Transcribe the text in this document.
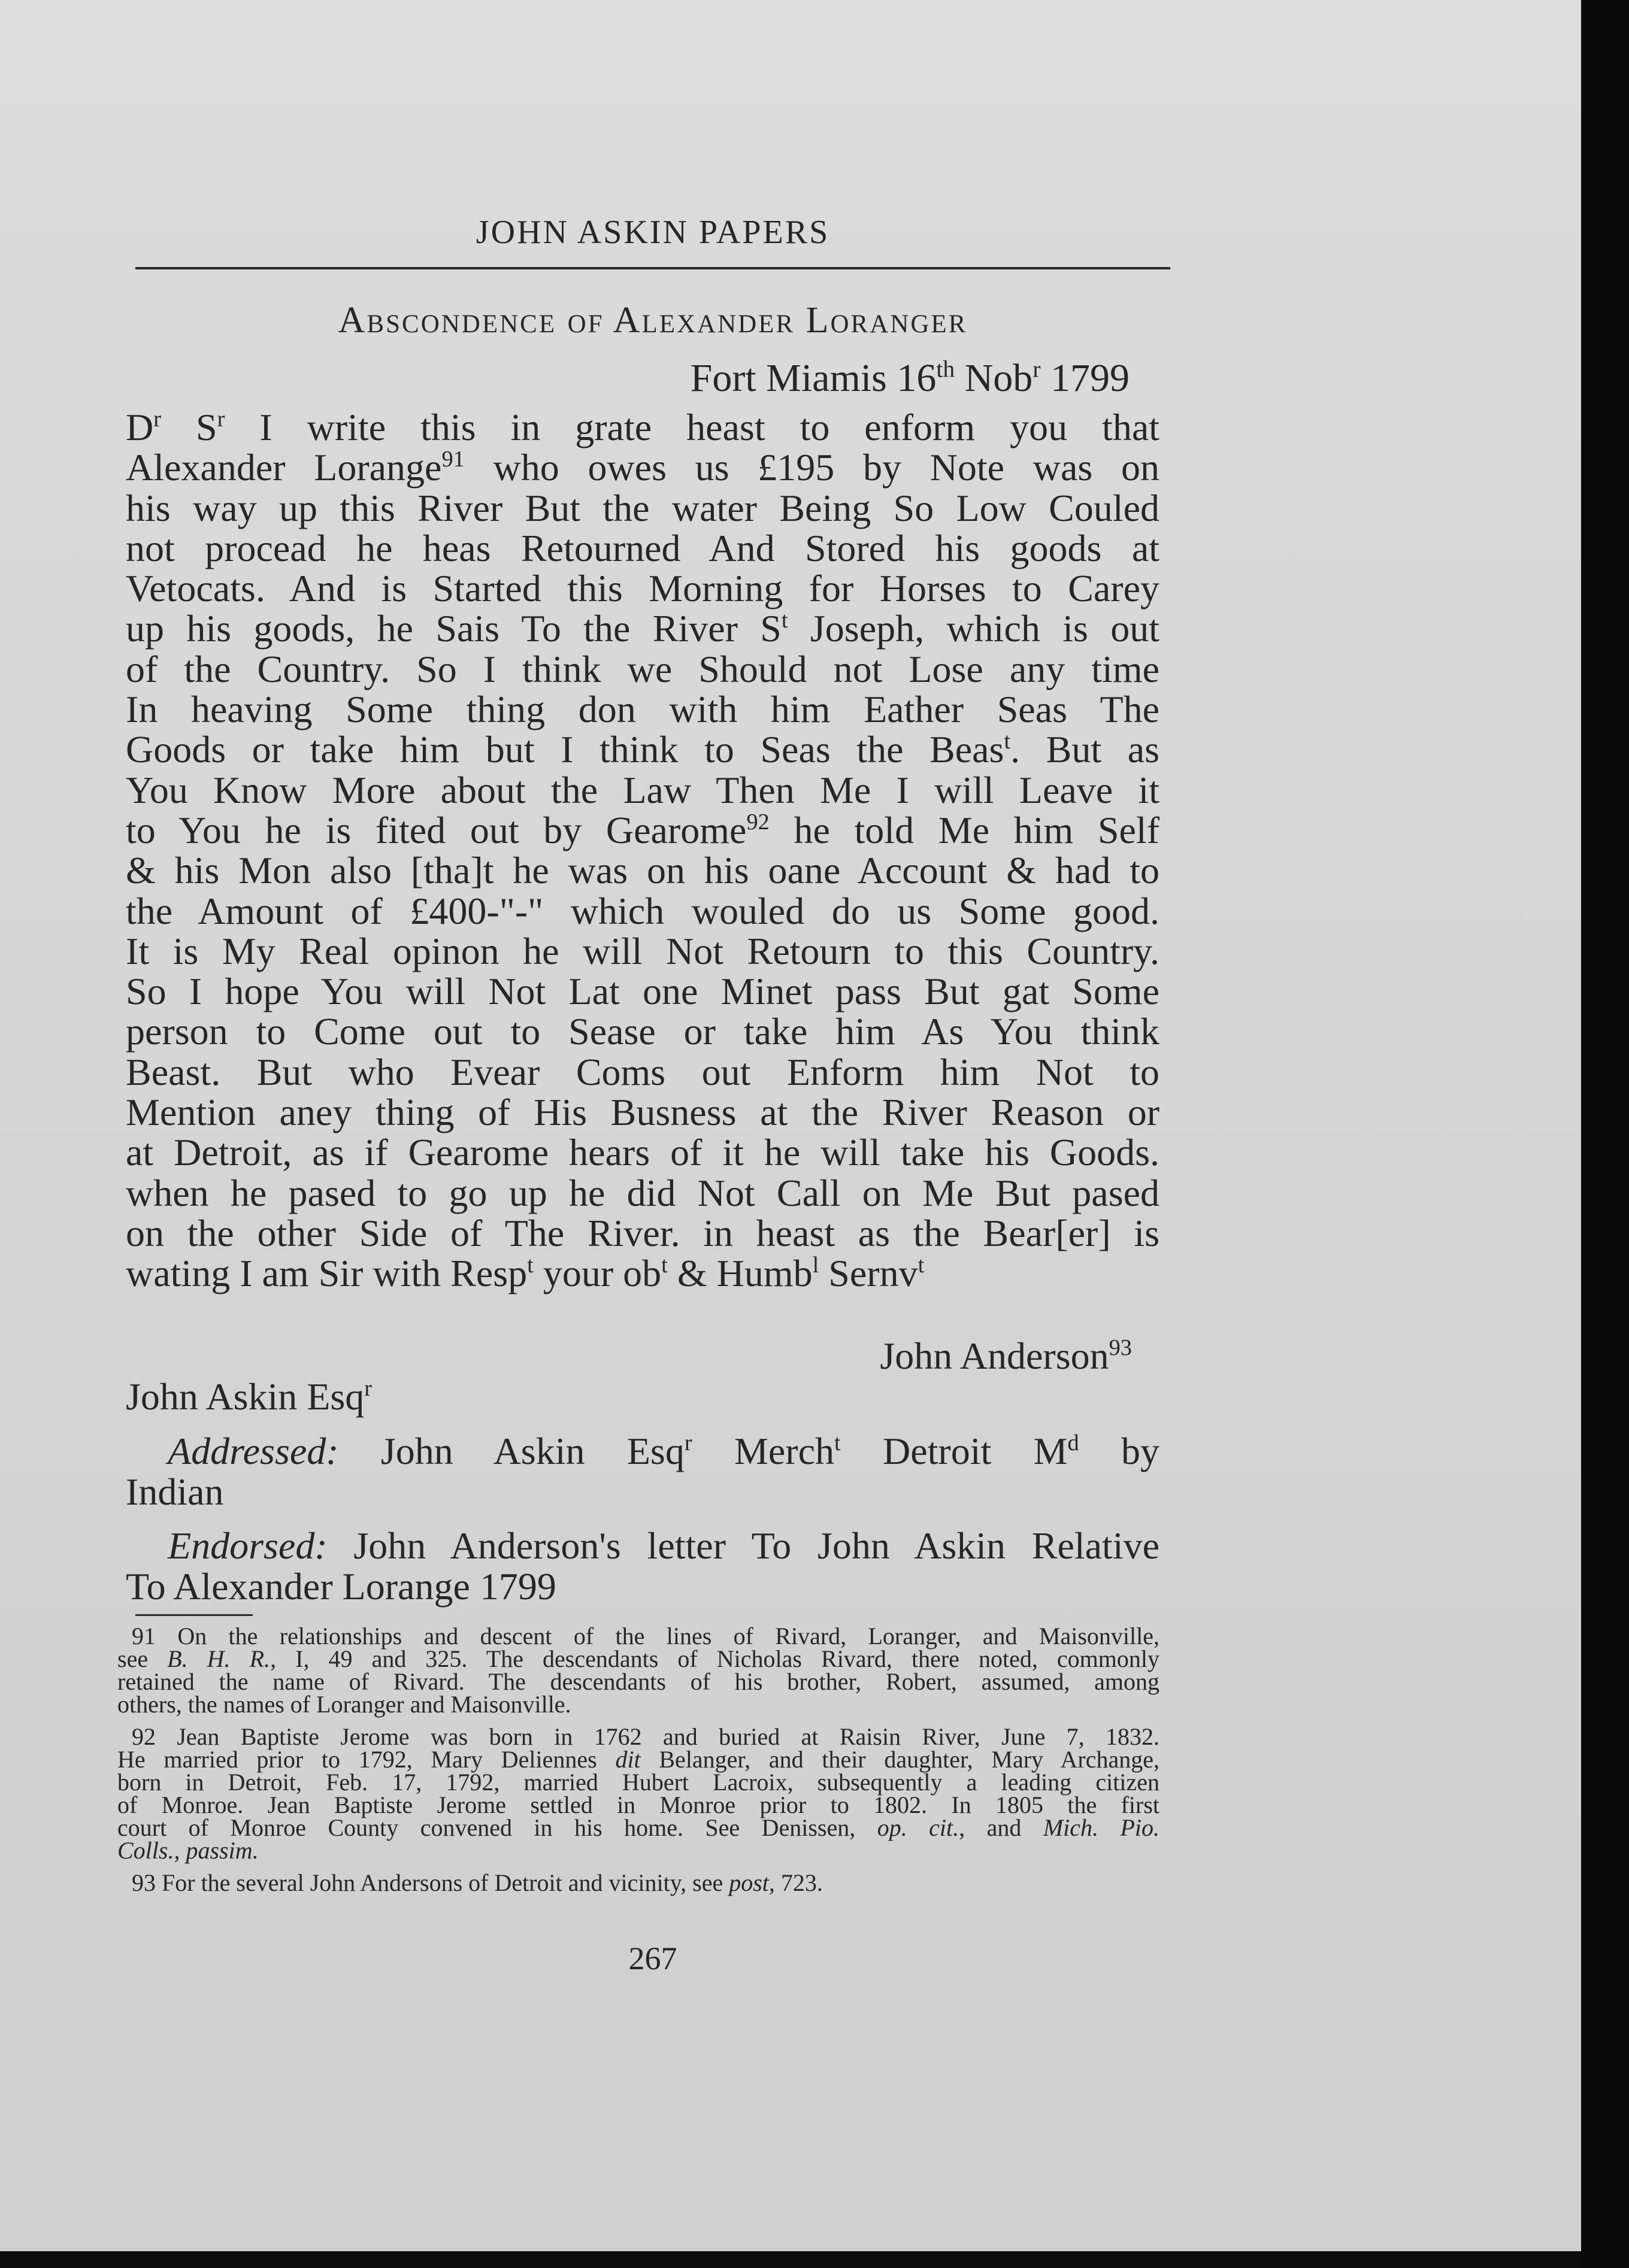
JOHN ASKIN PAPERS
Abscondence of Alexander Loranger
Fort Miamis 16th Nob$^r$ 1799
$D^r$ $S^r$ I write this in grate heast to enform you that
Alexander Lorange$^{91}$ who owes us £195 by Note was on
his way up this River But the water Being So Low Couled
not procead he heas Retourned And Stored his goods at
Vetocats. And is Started this Morning for Horses to Carey
up his goods, he Sais To the River $S^t$ Joseph, which is out
of the Country. So I think we Should not Lose any time
In heaving Some thing don with him Eather Seas The
Goods or take him but I think to Seas the Beas$^t$. But as
You Know More about the Law Then Me I will Leave it
to You he is fited out by Gearome$^{92}$ he told Me him Self
& his Mon also [tha]t he was on his oane Account & had to
the Amount of £400-"-" which wouled do us Some good.
It is My Real opinon he will Not Retourn to this Country.
So I hope You will Not Lat one Minet pass But gat Some
person to Come out to Sease or take him As You think
Beast. But who Evear Coms out Enform him Not to
Mention aney thing of His Busness at the River Reason or
at Detroit, as if Gearome hears of it he will take his Goods.
when he pased to go up he did Not Call on Me But pased
on the other Side of The River. in heast as the Bear[er] is
wating I am Sir with Resp$^t$ your $ob^t$ & Humb$^l$ Sernv$^t$
John Anderson$^{93}$
John Askin Esq$^r$
Addressed: John Askin Esq$^r$ Merch$^t$ Detroit $M^d$ by
Indian
Endorsed: John Anderson's letter To John Askin Relative
To Alexander Lorange 1799
91 On the relationships and descent of the lines of Rivard, Loranger, and Maisonville,
see B. H. R., I, 49 and 325. The descendants of Nicholas Rivard, there noted, commonly
retained the name of Rivard. The descendants of his brother, Robert, assumed, among
others, the names of Loranger and Maisonville.
92 Jean Baptiste Jerome was born in 1762 and buried at Raisin River, June 7, 1832.
He married prior to 1792, Mary Deliennes dit Belanger, and their daughter, Mary Archange,
born in Detroit, Feb. 17, 1792, married Hubert Lacroix, subsequently a leading citizen
of Monroe. Jean Baptiste Jerome settled in Monroe prior to 1802. In 1805 the first
court of Monroe County convened in his home. See Denissen, op. cit., and Mich. Pio.
Colls., passim.
93 For the several John Andersons of Detroit and vicinity, see post, 723.
267
